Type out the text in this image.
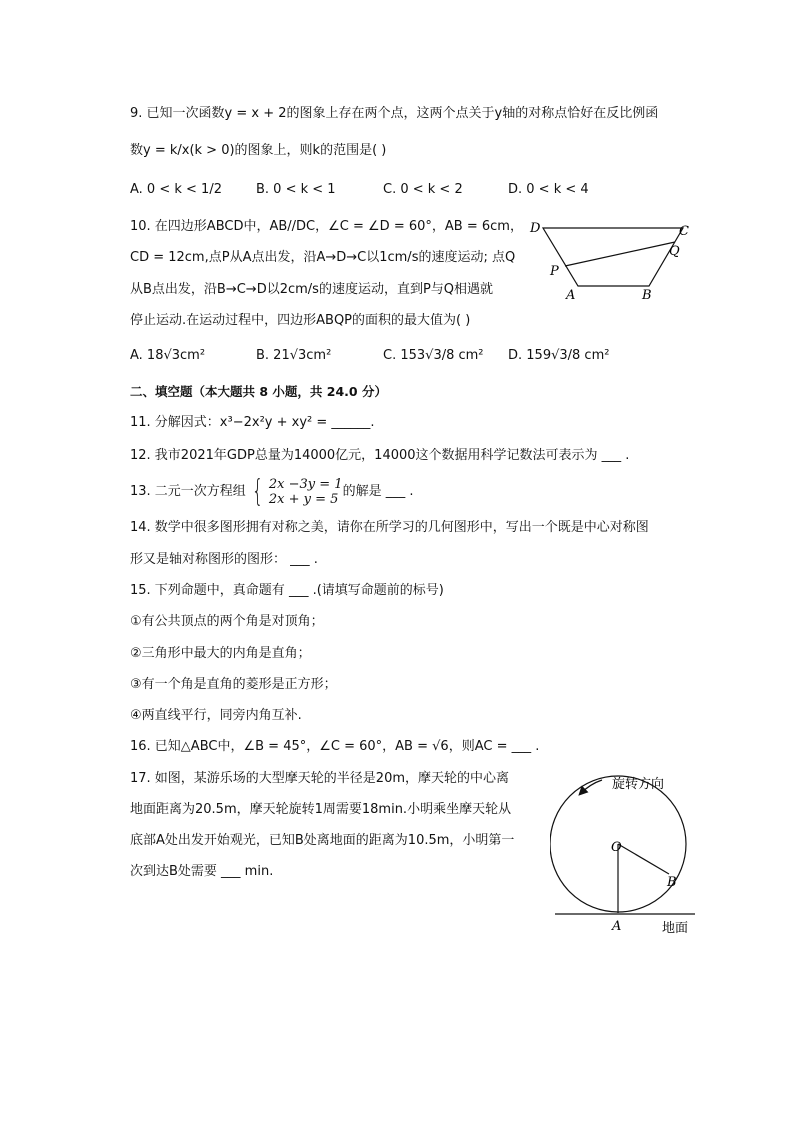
9. 已知一次函数y = x + 2的图象上存在两个点，这两个点关于y轴的对称点恰好在反比例函
数y = k/x(k > 0)的图象上，则k的范围是( )
A. 0 < k < 1/2	B. 0 < k < 1	C. 0 < k < 2	D. 0 < k < 4
10. 在四边形ABCD中，AB//DC，∠C = ∠D = 60°，AB = 6cm，
CD = 12cm,点P从A点出发，沿A→D→C以1cm/s的速度运动; 点Q
从B点出发，沿B→C→D以2cm/s的速度运动，直到P与Q相遇就
停止运动.在运动过程中，四边形ABQP的面积的最大值为( )
D	C
Q
P
A	B
A. 18√3cm²	B. 21√3cm²	C. 153√3/8 cm² D. 159√3/8 cm²
二、填空题（本大题共 8 小题，共 24.0 分）
11. 分解因式：x³−2x²y + xy² = ______.
12. 我市2021年GDP总量为14000亿元，14000这个数据用科学记数法可表示为 ___ .
13. 二元一次方程组 { 2x −3y = 1
2x + y = 5
的解是 ___ .
14. 数学中很多图形拥有对称之美，请你在所学习的几何图形中，写出一个既是中心对称图
形又是轴对称图形的图形： ___ .
15. 下列命题中，真命题有 ___ .(请填写命题前的标号)
①有公共顶点的两个角是对顶角；
②三角形中最大的内角是直角；
③有一个角是直角的菱形是正方形；
④两直线平行，同旁内角互补.
16. 已知△ABC中，∠B = 45°，∠C = 60°，AB = √6，则AC = ___ .
17. 如图，某游乐场的大型摩天轮的半径是20m，摩天轮的中心离
地面距离为20.5m，摩天轮旋转1周需要18min.小明乘坐摩天轮从
底部A处出发开始观光，已知B处离地面的距离为10.5m，小明第一
次到达B处需要 ___ min.
旋转方向
O
B
A	地面
